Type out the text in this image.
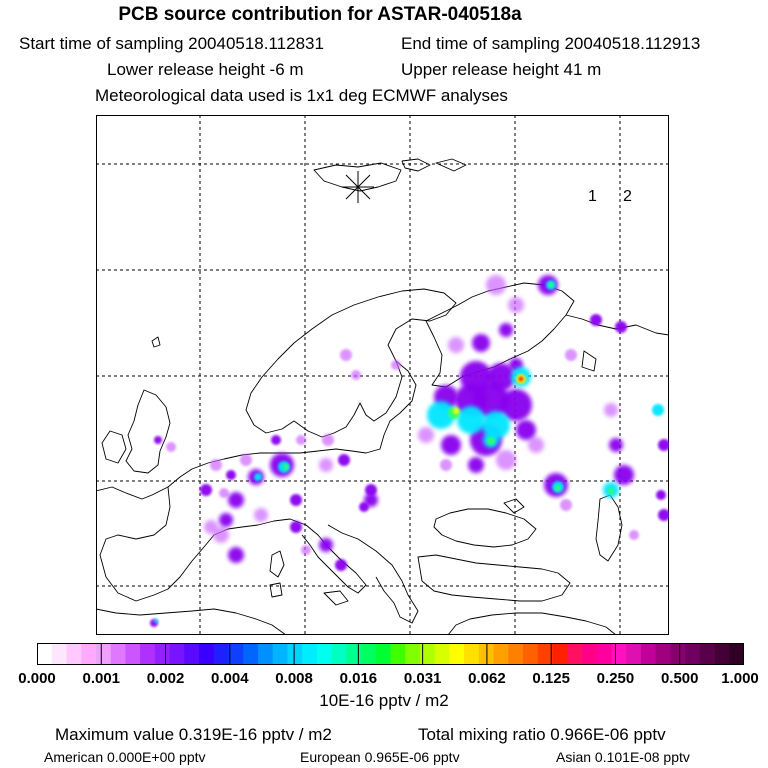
PCB source contribution for ASTAR-040518a
Start time of sampling 20040518.112831	End time of sampling 20040518.112913
Lower release height -6 m	Upper release height 41 m
Meteorological data used is 1x1 deg ECMWF analyses
1 2
0.000 0.001 0.002 0.004 0.008 0.016 0.031 0.062 0.125 0.250 0.500 1.000
10E-16 pptv / m2
Maximum value 0.319E-16 pptv / m2	Total mixing ratio 0.966E-06 pptv
American 0.000E+00 pptv	European 0.965E-06 pptv	Asian 0.101E-08 pptv
